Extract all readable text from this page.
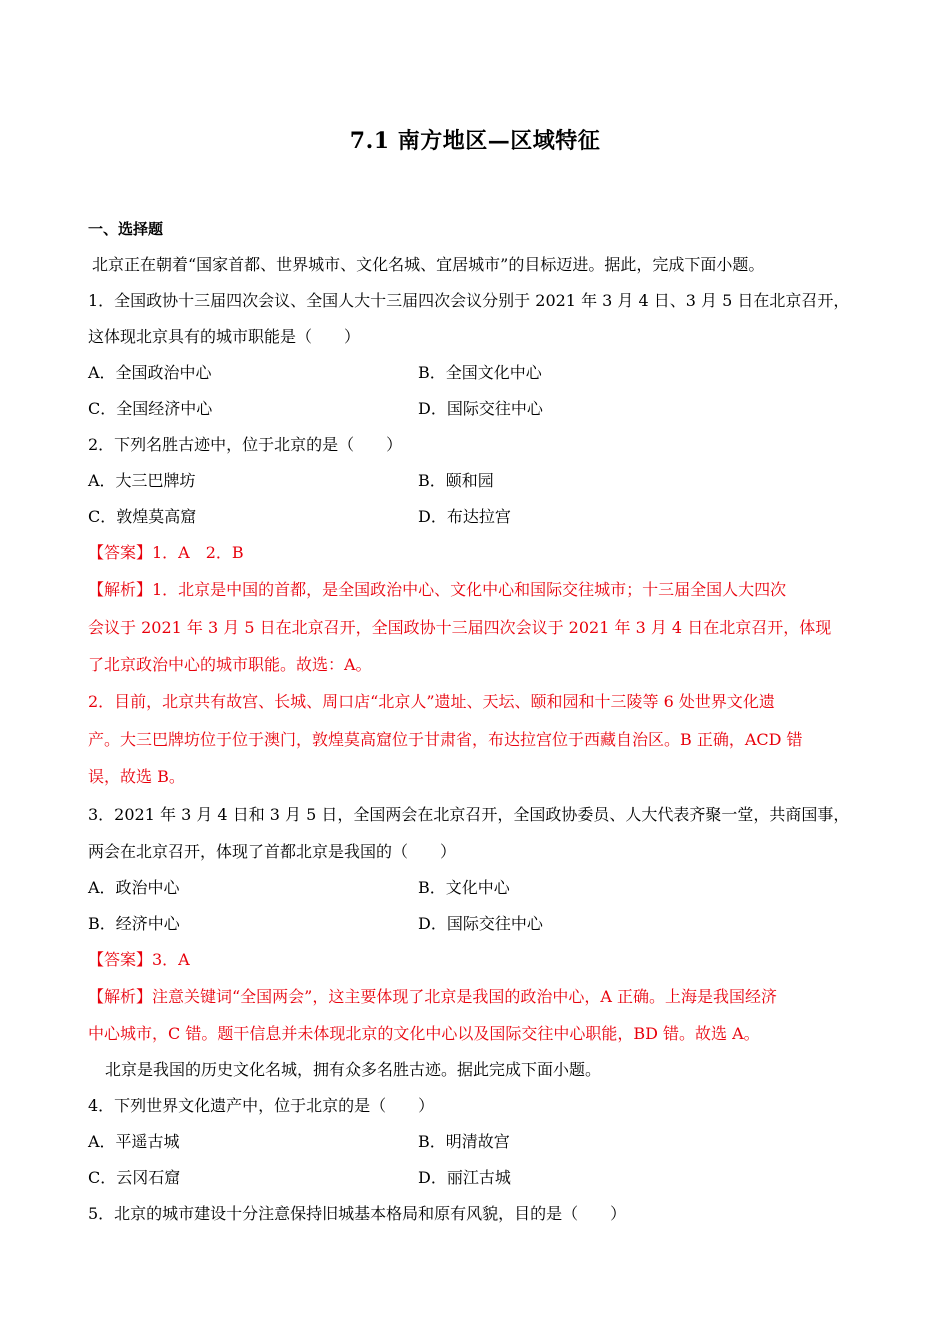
7.1 南方地区—区域特征
一、选择题
北京正在朝着“国家首都、世界城市、文化名城、宜居城市”的目标迈进。据此，完成下面小题。
1．全国政协十三届四次会议、全国人大十三届四次会议分别于 2021 年 3 月 4 日、3 月 5 日在北京召开，
这体现北京具有的城市职能是（　　）
A．全国政治中心	B．全国文化中心
C．全国经济中心	D．国际交往中心
2．下列名胜古迹中，位于北京的是（　　）
A．大三巴牌坊	B．颐和园
C．敦煌莫高窟	D．布达拉宫
【答案】1．A　2．B
【解析】1．北京是中国的首都，是全国政治中心、文化中心和国际交往城市；十三届全国人大四次
会议于 2021 年 3 月 5 日在北京召开，全国政协十三届四次会议于 2021 年 3 月 4 日在北京召开，体现
了北京政治中心的城市职能。故选：A。
2．目前，北京共有故宫、长城、周口店“北京人”遗址、天坛、颐和园和十三陵等 6 处世界文化遗
产。大三巴牌坊位于位于澳门，敦煌莫高窟位于甘肃省，布达拉宫位于西藏自治区。B 正确，ACD 错
误，故选 B。
3．2021 年 3 月 4 日和 3 月 5 日，全国两会在北京召开，全国政协委员、人大代表齐聚一堂，共商国事，
两会在北京召开，体现了首都北京是我国的（　　）
A．政治中心	B．文化中心
B．经济中心	D．国际交往中心
【答案】3．A
【解析】注意关键词“全国两会”，这主要体现了北京是我国的政治中心，A 正确。上海是我国经济
中心城市，C 错。题干信息并未体现北京的文化中心以及国际交往中心职能，BD 错。故选 A。
北京是我国的历史文化名城，拥有众多名胜古迹。据此完成下面小题。
4．下列世界文化遗产中，位于北京的是（　　）
A．平遥古城	B．明清故宫
C．云冈石窟	D．丽江古城
5．北京的城市建设十分注意保持旧城基本格局和原有风貌，目的是（　　）
